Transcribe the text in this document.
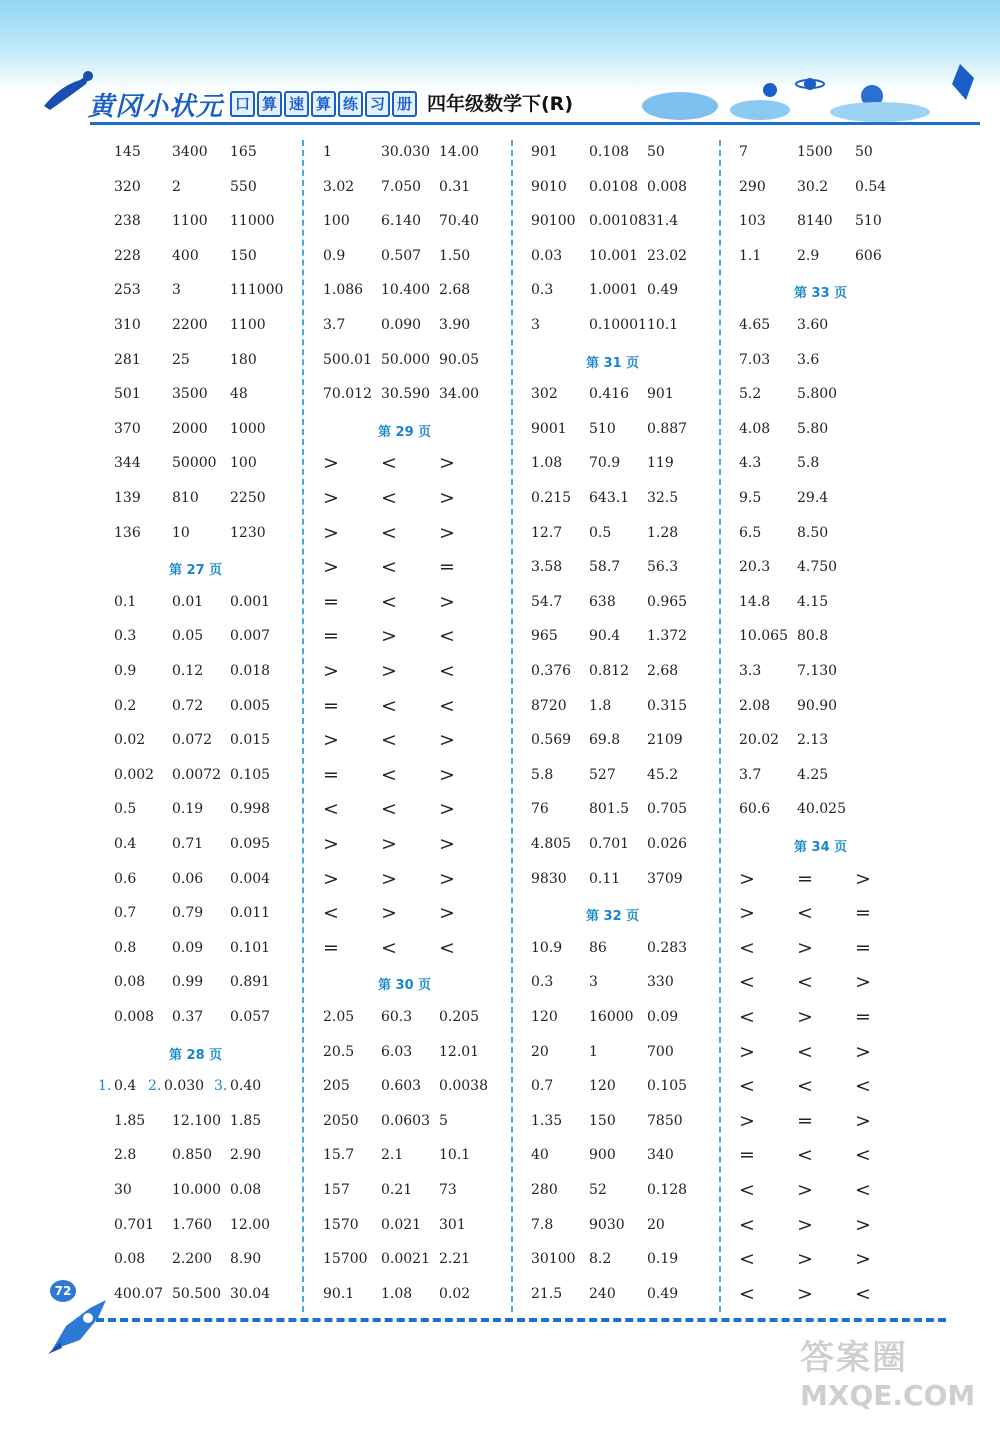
黄冈小状元 口 算 速 算 练 习 册 四年级数学下(R)
145 3400 165
320 2	550
238 1100 11000
228 400 150
253 3	111000
310 2200 1100
281 25	180
501 3500 48
370 2000 1000
344 50000 100
139 810 2250
136 10	1230
第 27 页
0.1	0.01 0.001
0.3	0.05 0.007
0.9	0.12 0.018
0.2	0.72 0.005
0.02 0.072 0.015
0.002 0.0072 0.105
0.5	0.19 0.998
0.4	0.71 0.095
0.6	0.06 0.004
0.7	0.79 0.011
0.8	0.09 0.101
0.08 0.99 0.891
0.008 0.37 0.057
第 28 页
1. 0.4 2. 0.030 3. 0.40
1.85 12.100 1.85
2.8	0.850 2.90
30	10.000 0.08
0.701 1.760 12.00
0.08 2.200 8.90
400.07 50.500 30.04
1	30.030 14.00
3.02 7.050 0.31
100 6.140 70.40
0.9	0.507 1.50
1.086 10.400 2.68
3.7	0.090 3.90
500.01 50.000 90.05
70.012 30.590 34.00
第 29 页
> < >
> < >
> < >
> < =
= < >
= > <
> > <
= < <
> < >
= < >
< < >
> > >
> > >
< > >
= < <
第 30 页
2.05 60.3 0.205
20.5 6.03 12.01
205 0.603 0.0038
2050 0.0603 5
15.7 2.1	10.1
157 0.21 73
1570 0.021 301
15700 0.0021 2.21
90.1 1.08 0.02
901 0.108 50
9010 0.0108 0.008
90100 0.00108 31.4
0.03 10.001 23.02
0.3	1.0001 0.49
3	0.10001 10.1
第 31 页
302 0.416 901
9001 510 0.887
1.08 70.9 119
0.215 643.1 32.5
12.7 0.5	1.28
3.58 58.7 56.3
54.7 638 0.965
965 90.4 1.372
0.376 0.812 2.68
8720 1.8	0.315
0.569 69.8 2109
5.8	527 45.2
76	801.5 0.705
4.805 0.701 0.026
9830 0.11 3709
第 32 页
10.9 86	0.283
0.3	3	330
120 16000 0.09
20	1	700
0.7	120 0.105
1.35 150 7850
40	900 340
280 52	0.128
7.8	9030 20
30100 8.2	0.19
21.5 240 0.49
7	1500 50
290 30.2 0.54
103 8140 510
1.1	2.9	606
第 33 页
4.65 3.60
7.03 3.6
5.2	5.800
4.08 5.80
4.3	5.8
9.5	29.4
6.5	8.50
20.3 4.750
14.8 4.15
10.065 80.8
3.3	7.130
2.08 90.90
20.02 2.13
3.7	4.25
60.6 40.025
第 34 页
> = >
> < =
< > =
< < >
< > =
> < >
< < <
> = >
= < <
< > <
< > >
< > >
< > <
72
答案圈
MXQE.COM
